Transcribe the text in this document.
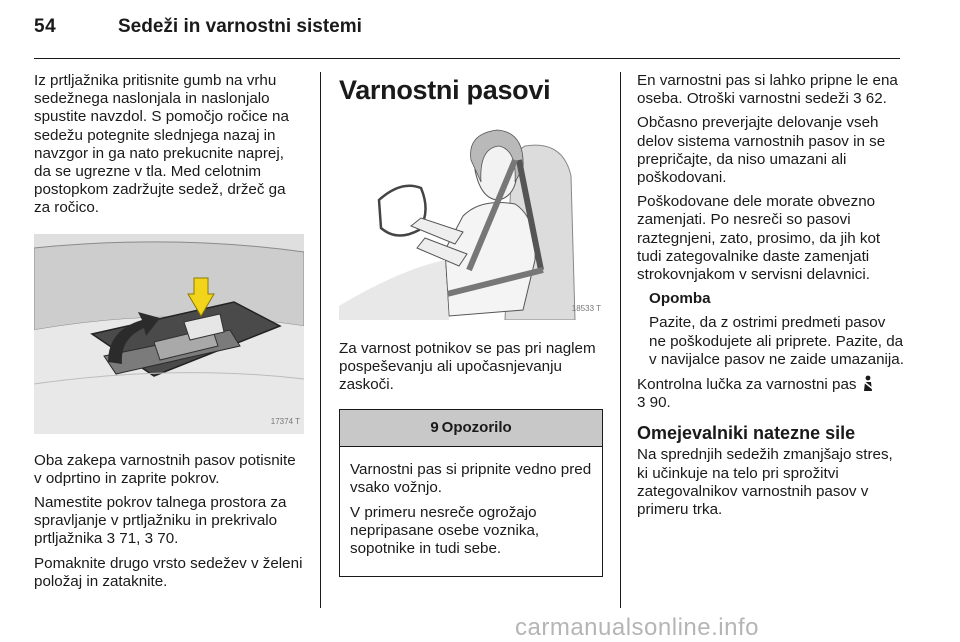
54	Sedeži in varnostni sistemi

Iz prtljažnika pritisnite gumb na vrhu sedežnega naslonjala in naslonjalo spustite navzdol. S pomočjo ročice na sedežu potegnite slednjega nazaj in navzgor in ga nato prekucnite naprej, da se ugrezne v tla. Med celotnim postopkom zadržujte sedež, držeč ga za ročico.

17374 T

Oba zakepa varnostnih pasov potisnite v odprtino in zaprite pokrov.

Namestite pokrov talnega prostora za spravljanje v prtljažniku in prekrivalo prtljažnika 3 71, 3 70.

Pomaknite drugo vrsto sedežev v želeni položaj in zataknite.

Varnostni pasovi
18533 T

Za varnost potnikov se pas pri naglem pospeševanju ali upočasnjevanju zaskoči.

9 Opozorilo

Varnostni pas si pripnite vedno pred vsako vožnjo.

V primeru nesreče ogrožajo nepripasane osebe voznika, sopotnike in tudi sebe.

En varnostni pas si lahko pripne le ena oseba. Otroški varnostni sedeži 3 62.

Občasno preverjajte delovanje vseh delov sistema varnostnih pasov in se prepričajte, da niso umazani ali poškodovani.

Poškodovane dele morate obvezno zamenjati. Po nesreči so pasovi raztegnjeni, zato, prosimo, da jih kot tudi zategovalnike daste zamenjati strokovnjakom v servisni delavnici.

Opomba

Pazite, da z ostrimi predmeti pasov ne poškodujete ali priprete. Pazite, da v navijalce pasov ne zaide umazanija.

Kontrolna lučka za varnostni pas
3 90.

Omejevalniki natezne sile

Na sprednjih sedežih zmanjšajo stres, ki učinkuje na telo pri sprožitvi zategovalnikov varnostnih pasov v primeru trka.

carmanualsonline.info
